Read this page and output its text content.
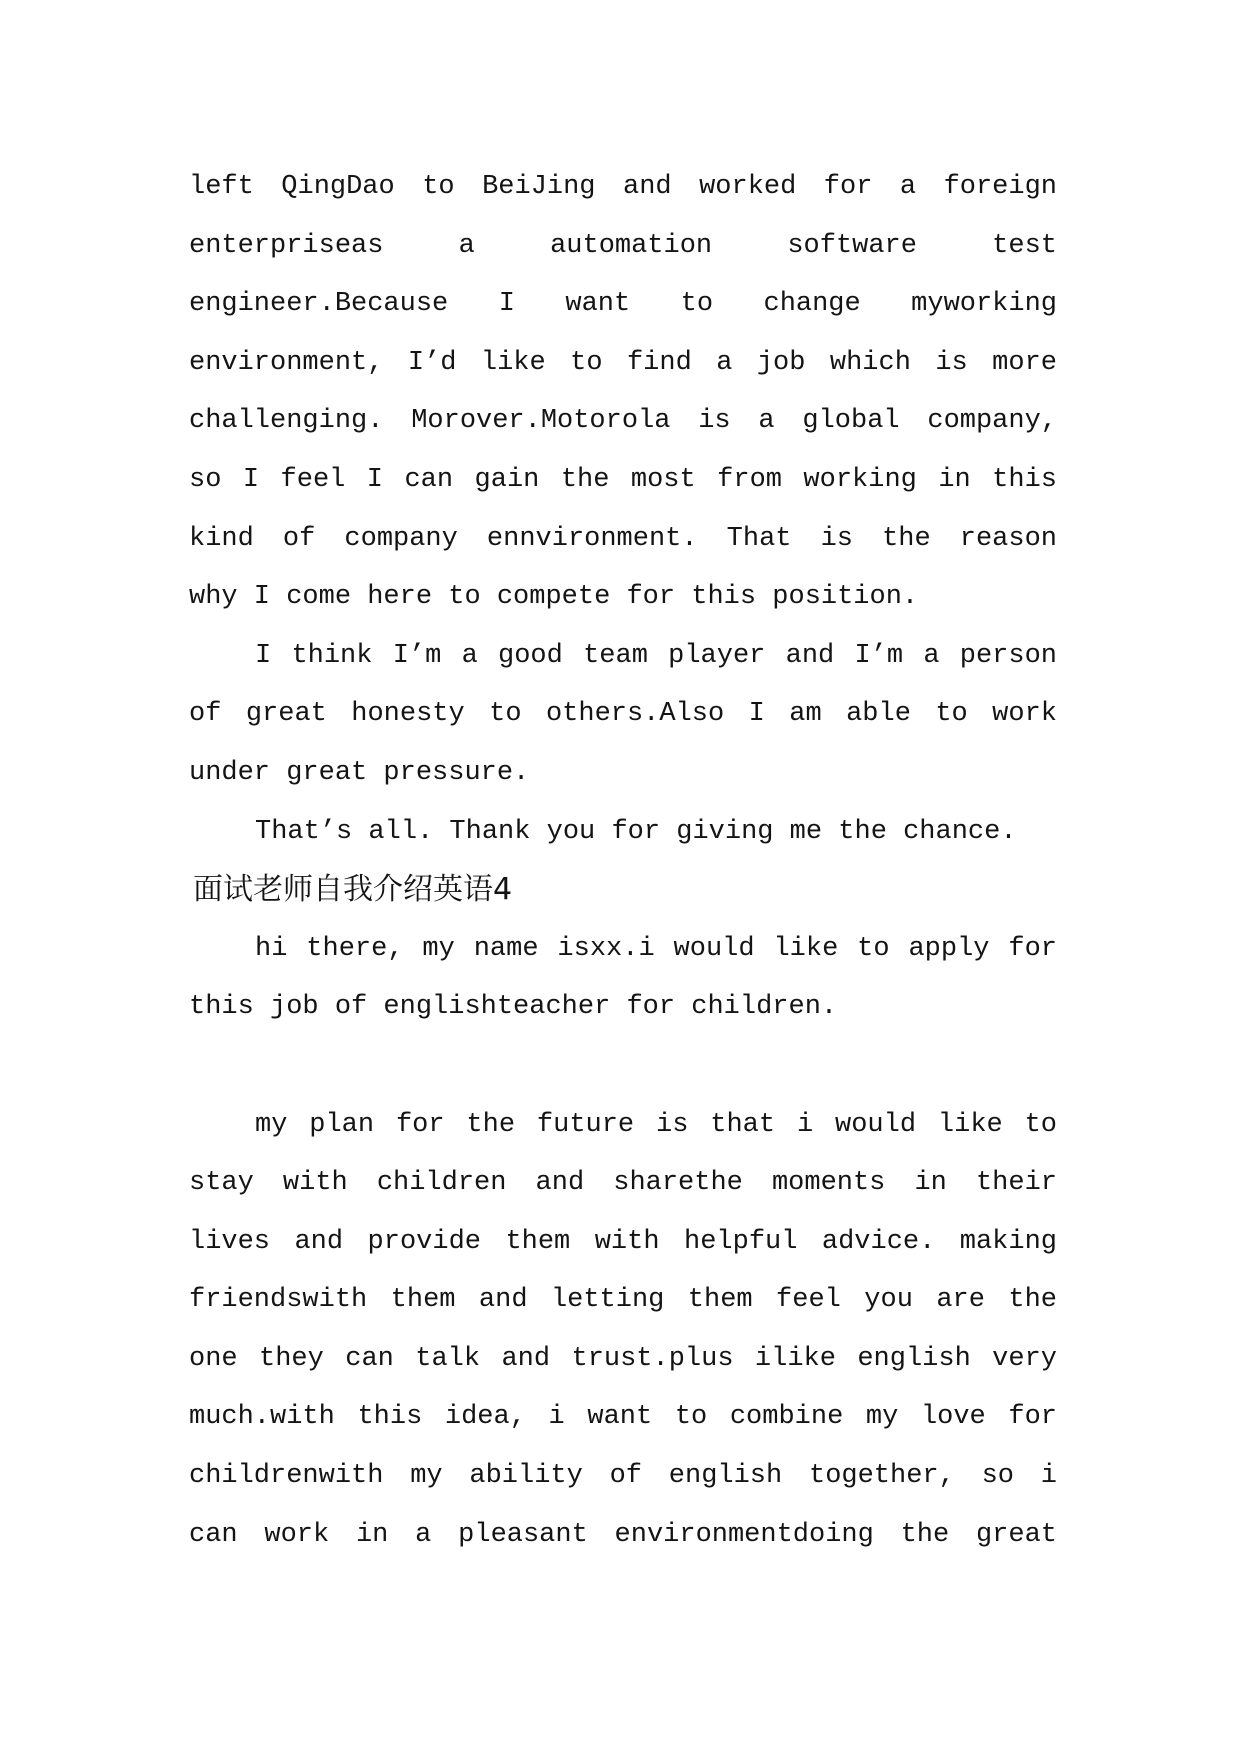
left QingDao to BeiJing and worked for a foreign
enterpriseas a automation software test
engineer.Because I want to change myworking
environment, I’d like to find a job which is more
challenging. Morover.Motorola is a global company,
so I feel I can gain the most from working in this
kind of company ennvironment. That is the reason
why I come here to compete for this position.
I think I’m a good team player and I’m a person
of great honesty to others.Also I am able to work
under great pressure.
That’s all. Thank you for giving me the chance.
面试老师自我介绍英语4
hi there, my name isxx.i would like to apply for
this job of englishteacher for children.
my plan for the future is that i would like to
stay with children and sharethe moments in their
lives and provide them with helpful advice. making
friendswith them and letting them feel you are the
one they can talk and trust.plus ilike english very
much.with this idea, i want to combine my love for
childrenwith my ability of english together, so i
can work in a pleasant environmentdoing the great
